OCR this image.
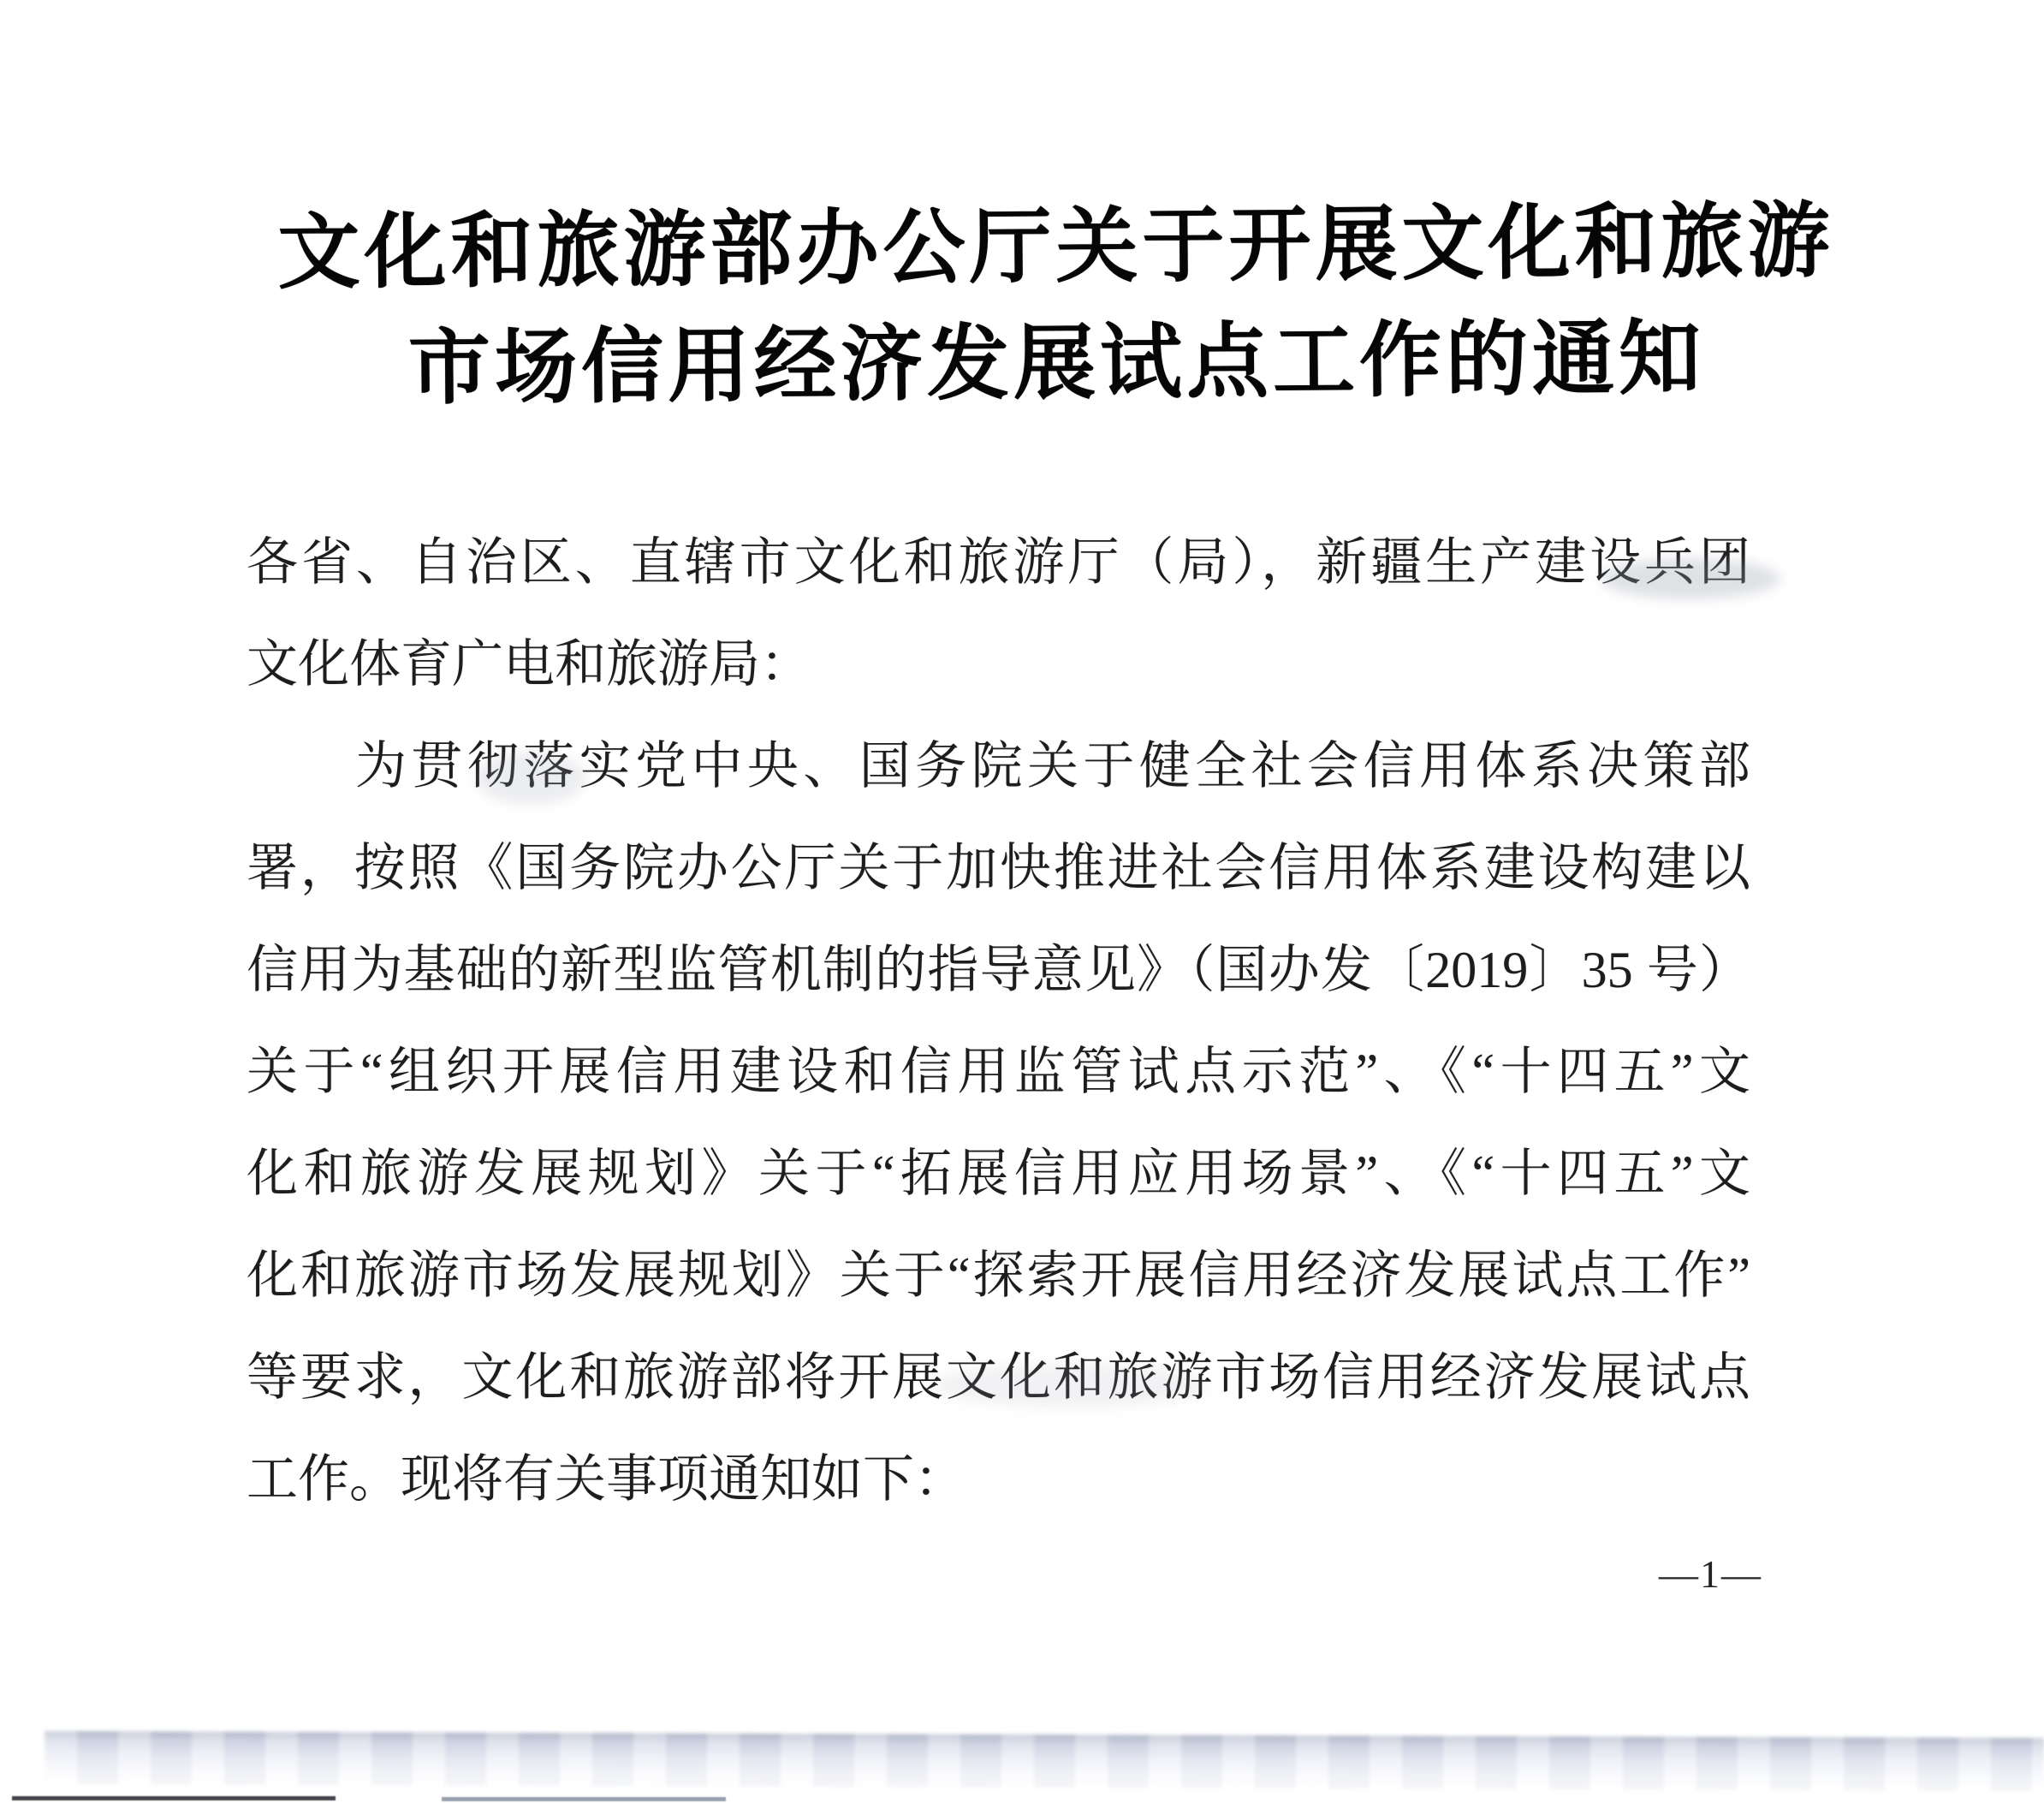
文化和旅游部办公厅关于开展文化和旅游
市场信用经济发展试点工作的通知
各省、自治区、直辖市文化和旅游厅（局），新疆生产建设兵团
文化体育广电和旅游局：
为贯彻落实党中央、国务院关于健全社会信用体系决策部
署，按照《国务院办公厅关于加快推进社会信用体系建设构建以
信用为基础的新型监管机制的指导意见》（国办发〔2019〕35 号）
关于“组织开展信用建设和信用监管试点示范”、《“十四五”文
化和旅游发展规划》关于“拓展信用应用场景”、《“十四五”文
化和旅游市场发展规划》关于“探索开展信用经济发展试点工作”
等要求，文化和旅游部将开展文化和旅游市场信用经济发展试点
工作。现将有关事项通知如下：
—1—
